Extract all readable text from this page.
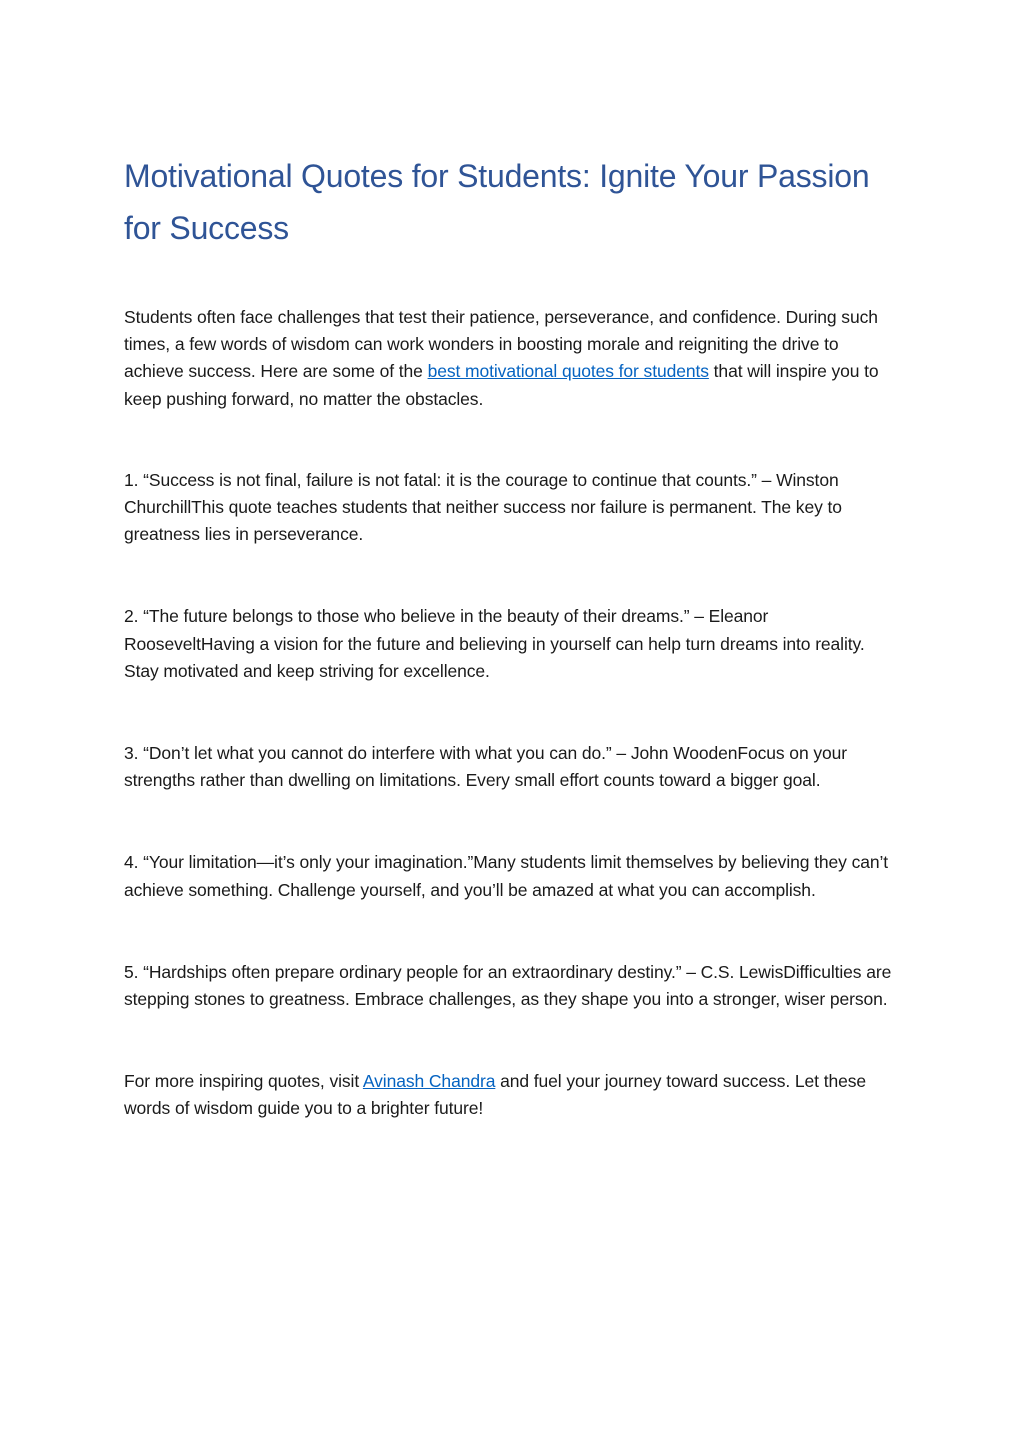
Motivational Quotes for Students: Ignite Your Passion for Success

Students often face challenges that test their patience, perseverance, and confidence. During such times, a few words of wisdom can work wonders in boosting morale and reigniting the drive to achieve success. Here are some of the best motivational quotes for students that will inspire you to keep pushing forward, no matter the obstacles.

1. “Success is not final, failure is not fatal: it is the courage to continue that counts.” – Winston ChurchillThis quote teaches students that neither success nor failure is permanent. The key to greatness lies in perseverance.

2. “The future belongs to those who believe in the beauty of their dreams.” – Eleanor RooseveltHaving a vision for the future and believing in yourself can help turn dreams into reality. Stay motivated and keep striving for excellence.

3. “Don’t let what you cannot do interfere with what you can do.” – John WoodenFocus on your strengths rather than dwelling on limitations. Every small effort counts toward a bigger goal.

4. “Your limitation—it’s only your imagination.”Many students limit themselves by believing they can’t achieve something. Challenge yourself, and you’ll be amazed at what you can accomplish.

5. “Hardships often prepare ordinary people for an extraordinary destiny.” – C.S. LewisDifficulties are stepping stones to greatness. Embrace challenges, as they shape you into a stronger, wiser person.

For more inspiring quotes, visit Avinash Chandra and fuel your journey toward success. Let these words of wisdom guide you to a brighter future!
